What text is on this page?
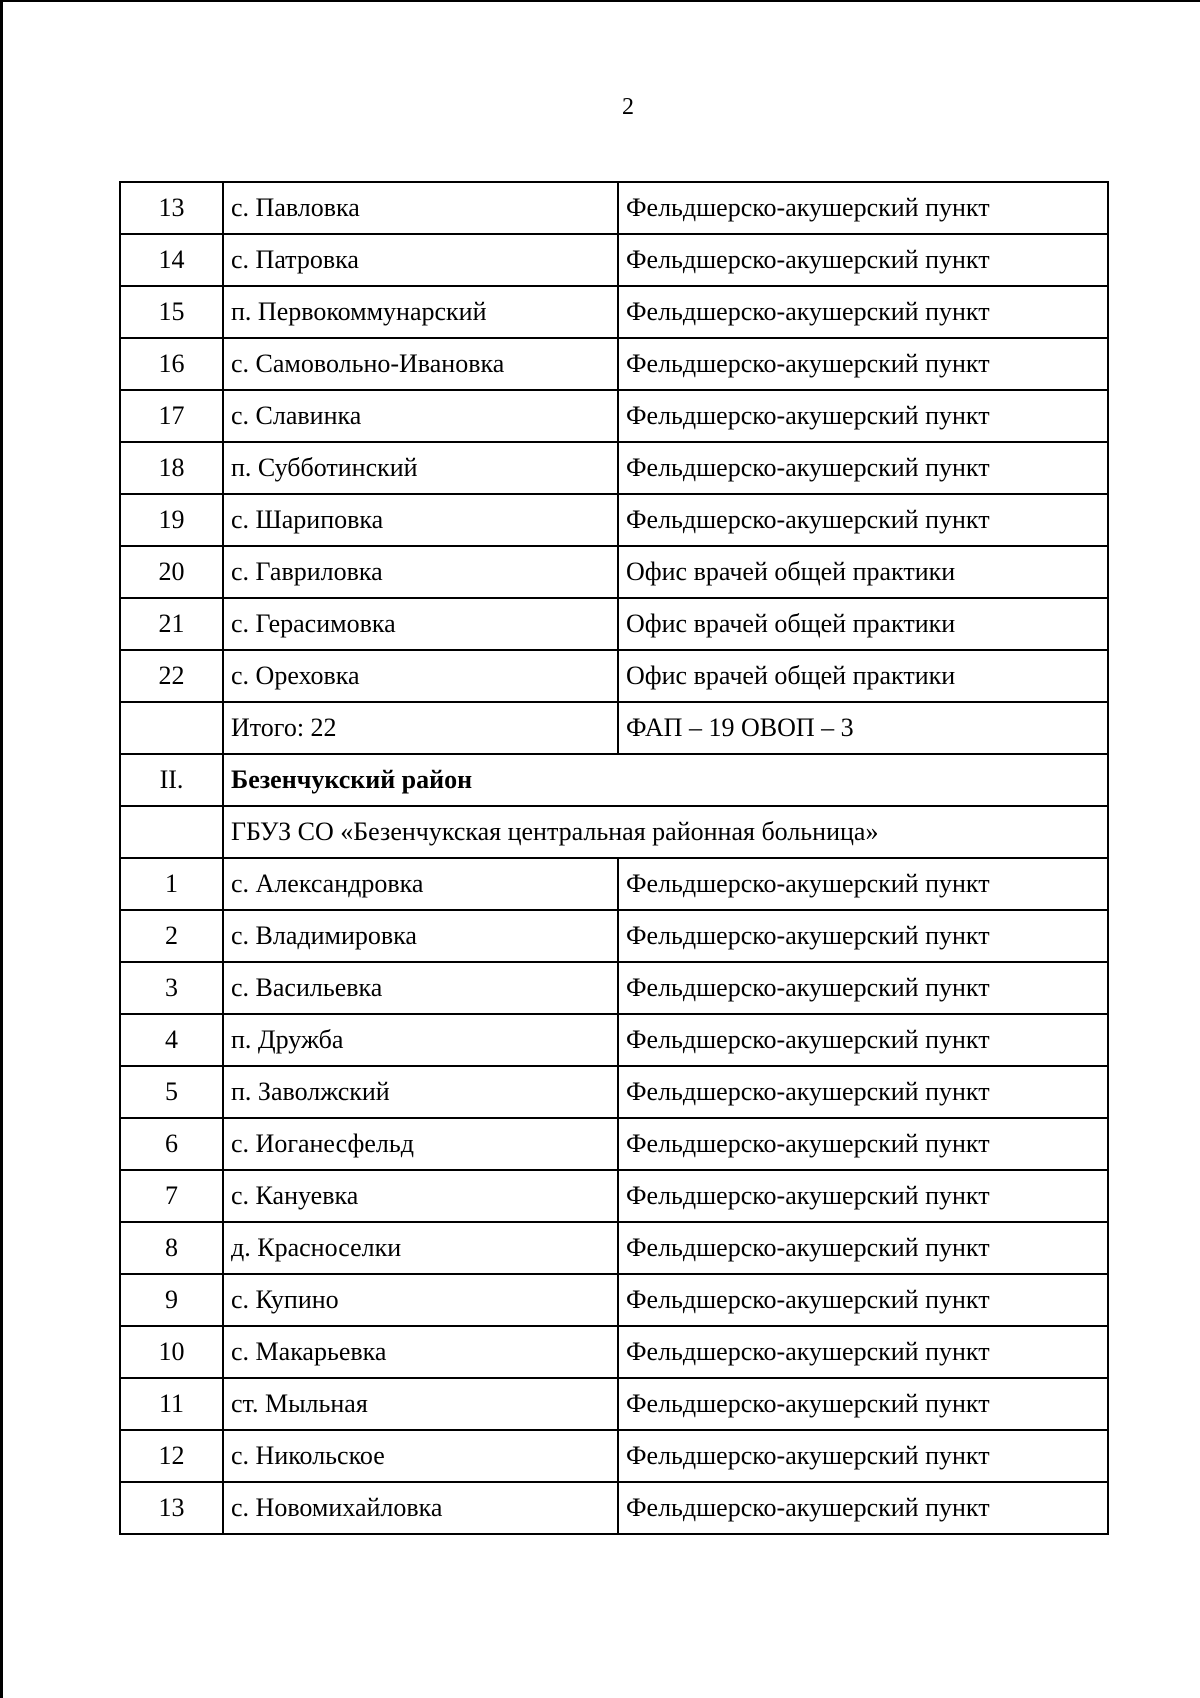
2
13	с. Павловка	Фельдшерско-акушерский пункт
14	с. Патровка	Фельдшерско-акушерский пункт
15	п. Первокоммунарский	Фельдшерско-акушерский пункт
16	с. Самовольно-Ивановка	Фельдшерско-акушерский пункт
17	с. Славинка	Фельдшерско-акушерский пункт
18	п. Субботинский	Фельдшерско-акушерский пункт
19	с. Шариповка	Фельдшерско-акушерский пункт
20	с. Гавриловка	Офис врачей общей практики
21	с. Герасимовка	Офис врачей общей практики
22	с. Ореховка	Офис врачей общей практики
	Итого: 22	ФАП – 19 ОВОП – 3
II.	Безенчукский район	
	ГБУЗ СО «Безенчукская центральная районная больница»	
1	с. Александровка	Фельдшерско-акушерский пункт
2	с. Владимировка	Фельдшерско-акушерский пункт
3	с. Васильевка	Фельдшерско-акушерский пункт
4	п. Дружба	Фельдшерско-акушерский пункт
5	п. Заволжский	Фельдшерско-акушерский пункт
6	с. Иоганесфельд	Фельдшерско-акушерский пункт
7	с. Кануевка	Фельдшерско-акушерский пункт
8	д. Красноселки	Фельдшерско-акушерский пункт
9	с. Купино	Фельдшерско-акушерский пункт
10	с. Макарьевка	Фельдшерско-акушерский пункт
11	ст. Мыльная	Фельдшерско-акушерский пункт
12	с. Никольское	Фельдшерско-акушерский пункт
13	с. Новомихайловка	Фельдшерско-акушерский пункт
